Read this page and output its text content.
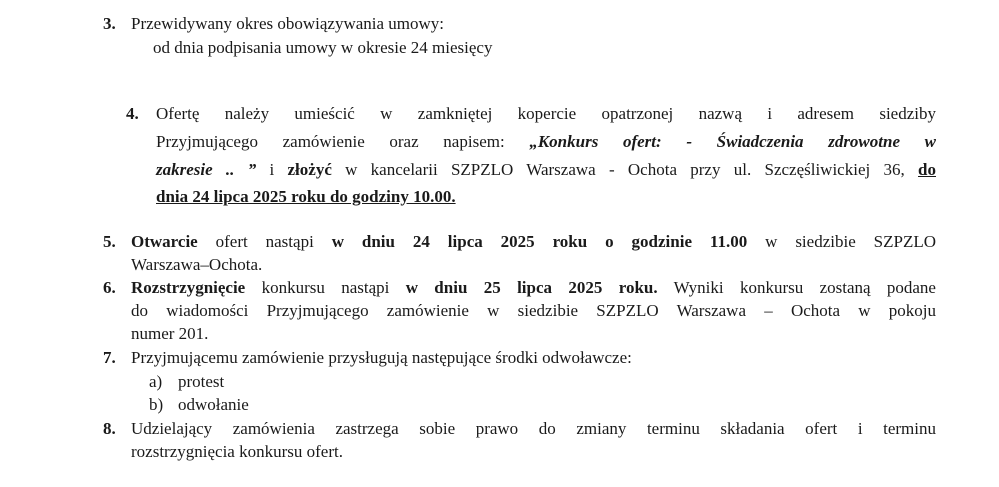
3. Przewidywany okres obowiązywania umowy:
od dnia podpisania umowy w okresie 24 miesięcy
4. Ofertę należy umieścić w zamkniętej kopercie opatrzonej nazwą i adresem siedziby
Przyjmującego zamówienie oraz napisem: „Konkurs ofert: - Świadczenia zdrowotne w
zakresie .. ” i złożyć w kancelarii SZPZLO Warszawa - Ochota przy ul. Szczęśliwickiej 36, do
dnia 24 lipca 2025 roku do godziny 10.00.
5. Otwarcie ofert nastąpi w dniu 24 lipca 2025 roku o godzinie 11.00 w siedzibie SZPZLO
Warszawa–Ochota.
6. Rozstrzygnięcie konkursu nastąpi w dniu 25 lipca 2025 roku. Wyniki konkursu zostaną podane
do wiadomości Przyjmującego zamówienie w siedzibie SZPZLO Warszawa – Ochota w pokoju
numer 201.
7. Przyjmującemu zamówienie przysługują następujące środki odwoławcze:
a) protest
b) odwołanie
8. Udzielający zamówienia zastrzega sobie prawo do zmiany terminu składania ofert i terminu
rozstrzygnięcia konkursu ofert.
